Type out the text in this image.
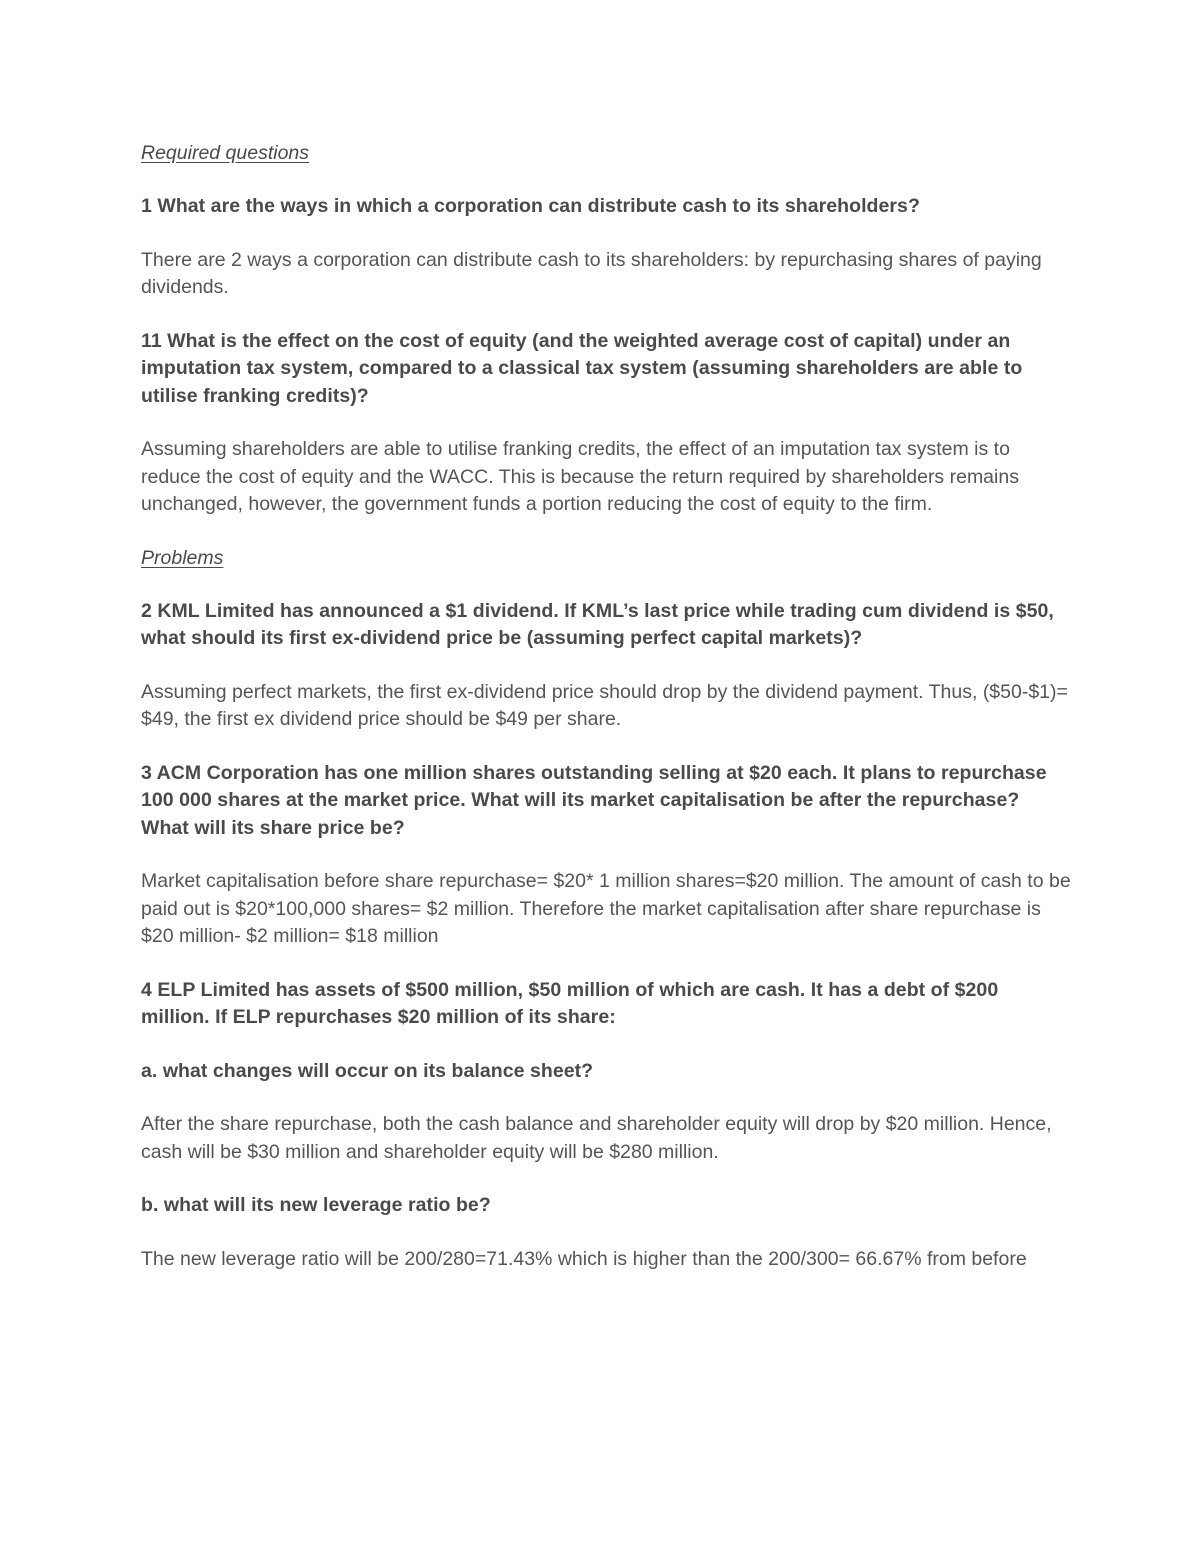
Required questions
1 What are the ways in which a corporation can distribute cash to its shareholders?
There are 2 ways a corporation can distribute cash to its shareholders: by repurchasing shares of paying dividends.
11 What is the effect on the cost of equity (and the weighted average cost of capital) under an imputation tax system, compared to a classical tax system (assuming shareholders are able to utilise franking credits)?
Assuming shareholders are able to utilise franking credits, the effect of an imputation tax system is to reduce the cost of equity and the WACC. This is because the return required by shareholders remains unchanged, however, the government funds a portion reducing the cost of equity to the firm.
Problems
2 KML Limited has announced a $1 dividend. If KML’s last price while trading cum dividend is $50, what should its first ex-dividend price be (assuming perfect capital markets)?
Assuming perfect markets, the first ex-dividend price should drop by the dividend payment. Thus, ($50-$1)= $49, the first ex dividend price should be $49 per share.
3 ACM Corporation has one million shares outstanding selling at $20 each. It plans to repurchase 100 000 shares at the market price. What will its market capitalisation be after the repurchase? What will its share price be?
Market capitalisation before share repurchase= $20* 1 million shares=$20 million. The amount of cash to be paid out is $20*100,000 shares= $2 million. Therefore the market capitalisation after share repurchase is $20 million- $2 million= $18 million
4 ELP Limited has assets of $500 million, $50 million of which are cash. It has a debt of $200 million. If ELP repurchases $20 million of its share:
a. what changes will occur on its balance sheet?
After the share repurchase, both the cash balance and shareholder equity will drop by $20 million. Hence, cash will be $30 million and shareholder equity will be $280 million.
b. what will its new leverage ratio be?
The new leverage ratio will be 200/280=71.43% which is higher than the 200/300= 66.67% from before
